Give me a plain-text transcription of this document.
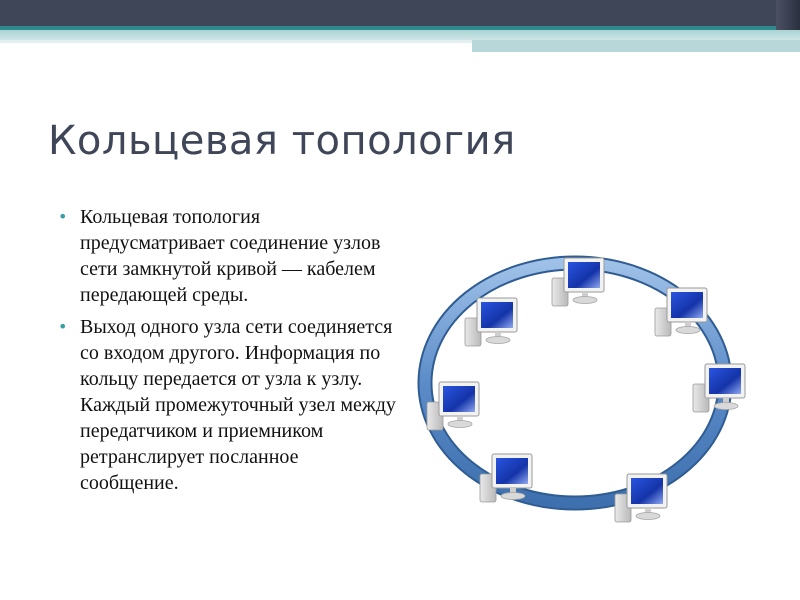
Кольцевая топология
• Кольцевая топология предусматривает соединение узлов сети замкнутой кривой — кабелем передающей среды.
• Выход одного узла сети соединяется со входом другого. Информация по кольцу передается от узла к узлу. Каждый промежуточный узел между передатчиком и приемником ретранслирует посланное сообщение.
